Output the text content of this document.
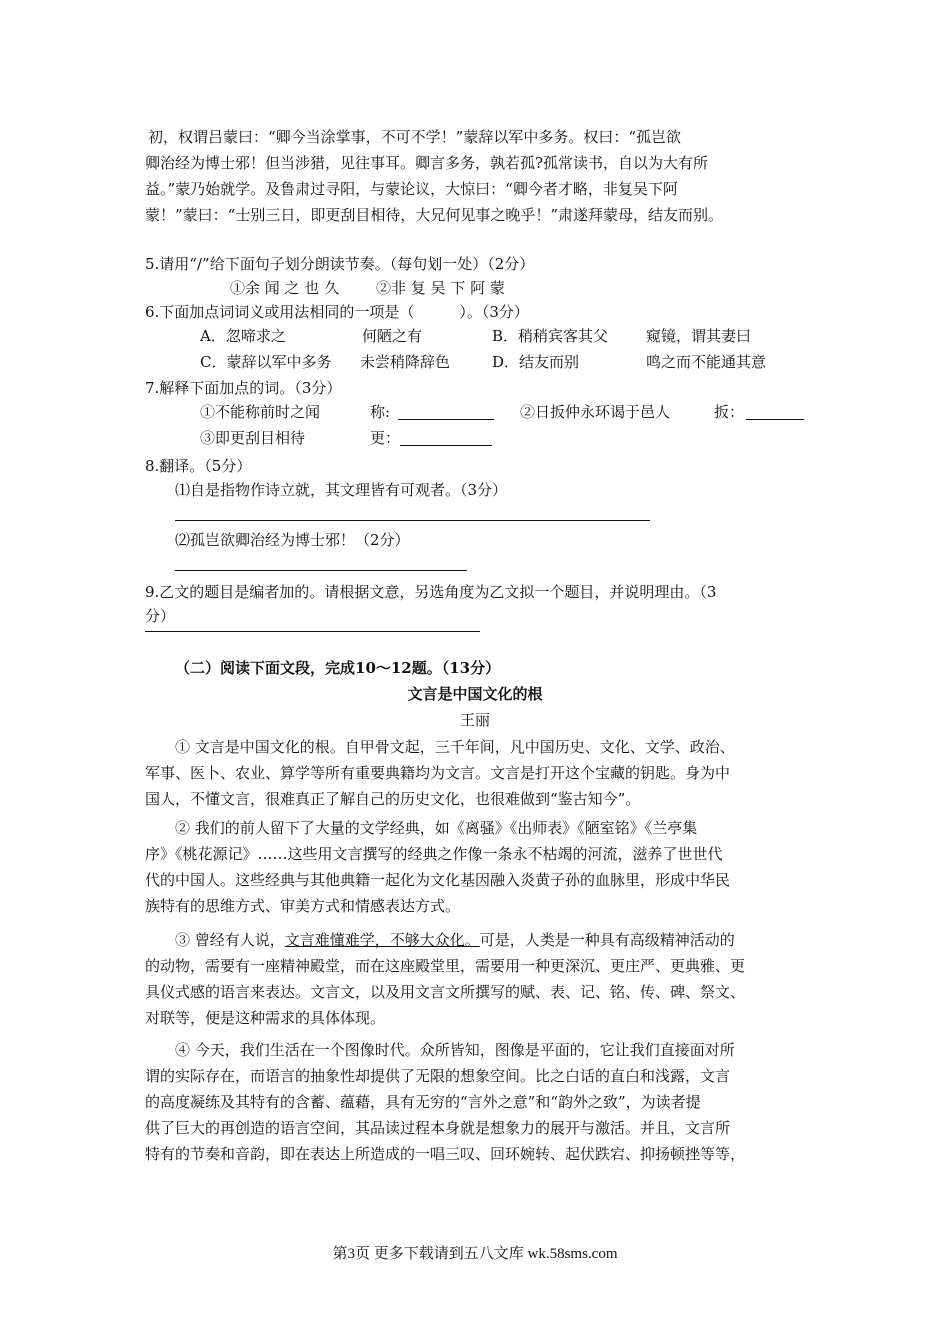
初，权谓吕蒙曰：“卿今当涂掌事，不可不学！”蒙辞以军中多务。权曰：“孤岂欲
卿治经为博士邪！但当涉猎，见往事耳。卿言多务，孰若孤?孤常读书，自以为大有所
益。”蒙乃始就学。及鲁肃过寻阳，与蒙论议，大惊曰：“卿今者才略，非复吴下阿
蒙！”蒙曰：“士别三日，即更刮目相待，大兄何见事之晚乎！”肃遂拜蒙母，结友而别。
5.请用“/”给下面句子划分朗读节奏。（每句划一处）（2分）
①余 闻 之 也 久 ②非 复 吴 下 阿 蒙
6.下面加点词词义或用法相同的一项是（　　　）。（3分）
A．忽啼求之	何陋之有	B．稍稍宾客其父	窥镜，谓其妻曰
C．蒙辞以军中多务 未尝稍降辞色	D．结友而别	鸣之而不能通其意
7.解释下面加点的词。（3分）
①不能称前时之闻	称:	②日扳仲永环谒于邑人	扳：
③即更刮目相待	更：
8.翻译。（5分）
⑴自是指物作诗立就，其文理皆有可观者。（3分）
⑵孤岂欲卿治经为博士邪！（2分）
9.乙文的题目是编者加的。请根据文意，另选角度为乙文拟一个题目，并说明理由。（3
分）
（二）阅读下面文段，完成10～12题。（13分）
文言是中国文化的根
王丽
① 文言是中国文化的根。自甲骨文起，三千年间，凡中国历史、文化、文学、政治、
军事、医卜、农业、算学等所有重要典籍均为文言。文言是打开这个宝藏的钥匙。身为中
国人，不懂文言，很难真正了解自己的历史文化，也很难做到“鉴古知今”。
② 我们的前人留下了大量的文学经典，如《离骚》《出师表》《陋室铭》《兰亭集
序》《桃花源记》……这些用文言撰写的经典之作像一条永不枯竭的河流，滋养了世世代
代的中国人。这些经典与其他典籍一起化为文化基因融入炎黄子孙的血脉里，形成中华民
族特有的思维方式、审美方式和情感表达方式。
③ 曾经有人说，文言难懂难学，不够大众化。可是，人类是一种具有高级精神活动的
的动物，需要有一座精神殿堂，而在这座殿堂里，需要用一种更深沉、更庄严、更典雅、更
具仪式感的语言来表达。文言文，以及用文言文所撰写的赋、表、记、铭、传、碑、祭文、
对联等，便是这种需求的具体体现。
④ 今天，我们生活在一个图像时代。众所皆知，图像是平面的，它让我们直接面对所
谓的实际存在，而语言的抽象性却提供了无限的想象空间。比之白话的直白和浅露，文言
的高度凝练及其特有的含蓄、蕴藉，具有无穷的“言外之意”和“韵外之致”，为读者提
供了巨大的再创造的语言空间，其品读过程本身就是想象力的展开与激活。并且，文言所
特有的节奏和音韵，即在表达上所造成的一唱三叹、回环婉转、起伏跌宕、抑扬顿挫等等，
第3页 更多下载请到五八文库 wk.58sms.com
